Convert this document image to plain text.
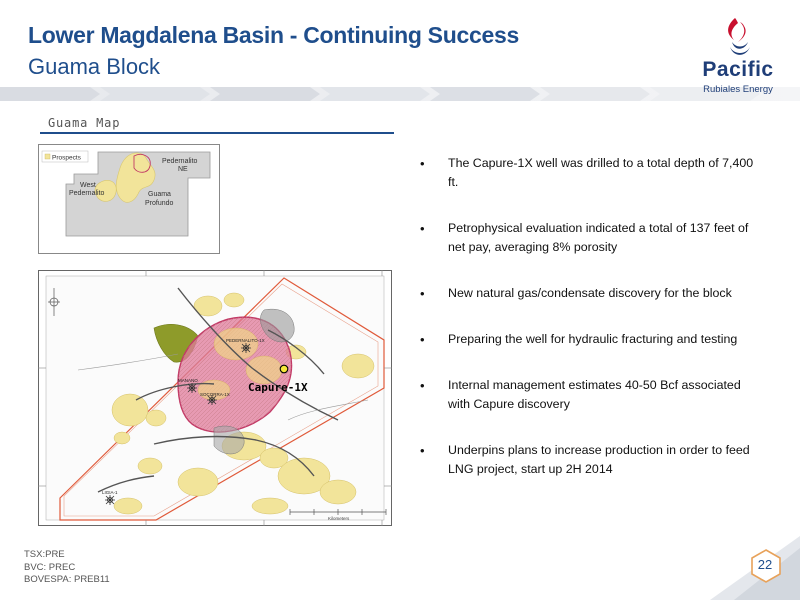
Lower Magdalena Basin - Continuing Success
Guama Block	Pacific
Rubiales Energy
Guama Map
Prospects	Pedernalito NE
West Pedernalito	Guama Profundo
PEDERNALITO-1X
MANANO
SOCORRA-1X
LIGIA-1
Capure-1X
Kilometers
• The Capure-1X well was drilled to a total depth of 7,400 ft.
• Petrophysical evaluation indicated a total of 137 feet of net pay, averaging 8% porosity
• New natural gas/condensate discovery for the block
• Preparing the well for hydraulic fracturing and testing
• Internal management estimates 40-50 Bcf associated with Capure discovery
• Underpins plans to increase production in order to feed LNG project, start up 2H 2014
TSX:PRE
BVC: PREC
BOVESPA: PREB11
22
